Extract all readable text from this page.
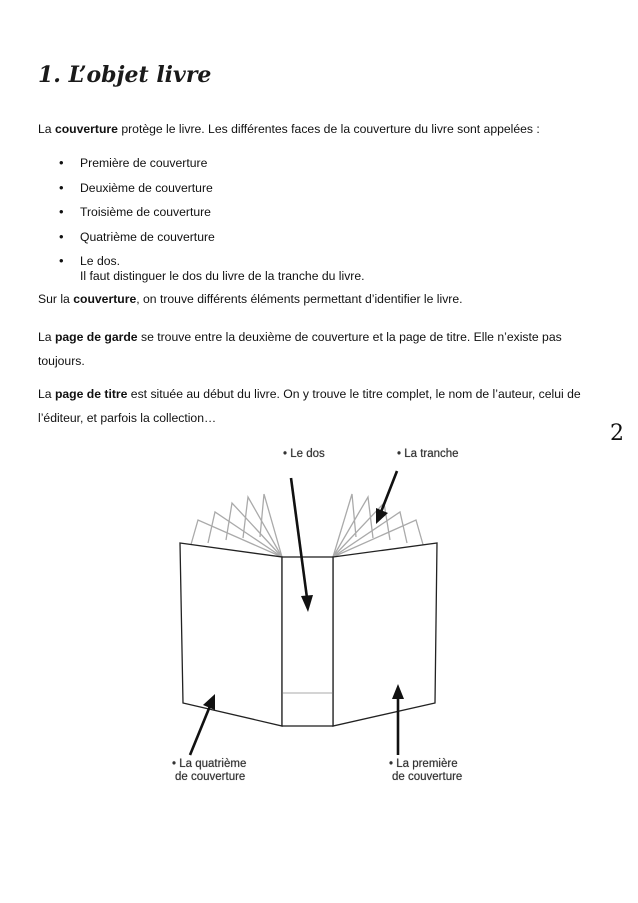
1. L’objet livre

La couverture protège le livre. Les différentes faces de la couverture du livre sont appelées :

• Première de couverture
• Deuxième de couverture
• Troisième de couverture
• Quatrième de couverture
• Le dos.

Il faut distinguer le dos du livre de la tranche du livre.

Sur la couverture, on trouve différents éléments permettant d’identifier le livre.

La page de garde se trouve entre la deuxième de couverture et la page de titre. Elle n’existe pas toujours.

La page de titre est située au début du livre. On y trouve le titre complet, le nom de l’auteur, celui de l’éditeur, et parfois la collection…

2
• Le dos	• La tranche
• La quatrième
de couverture
• La première
de couverture
